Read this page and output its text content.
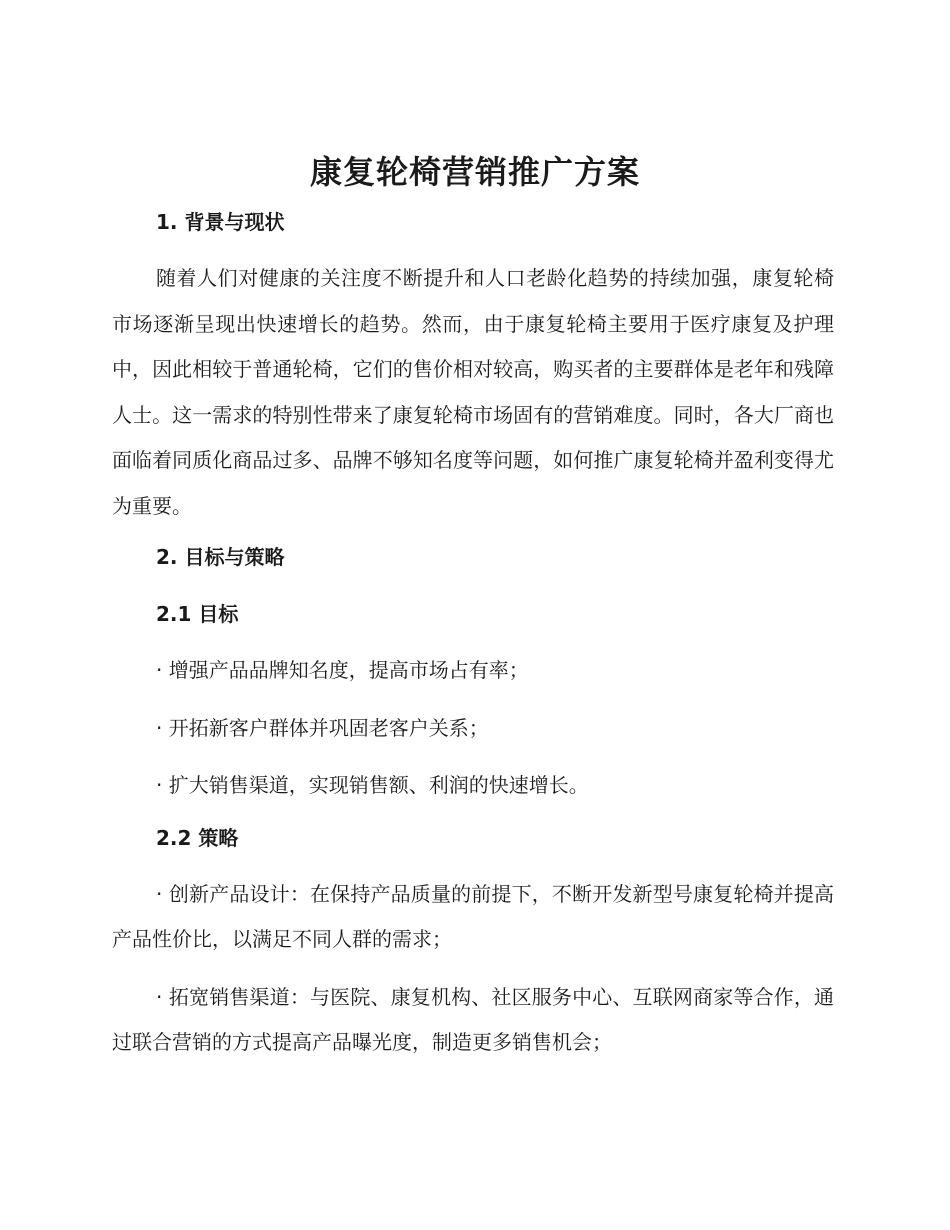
康复轮椅营销推广方案

1. 背景与现状

随着人们对健康的关注度不断提升和人口老龄化趋势的持续加强，康复轮椅市场逐渐呈现出快速增长的趋势。然而，由于康复轮椅主要用于医疗康复及护理中，因此相较于普通轮椅，它们的售价相对较高，购买者的主要群体是老年和残障人士。这一需求的特别性带来了康复轮椅市场固有的营销难度。同时，各大厂商也面临着同质化商品过多、品牌不够知名度等问题，如何推广康复轮椅并盈利变得尤为重要。

2. 目标与策略

2.1 目标

· 增强产品品牌知名度，提高市场占有率；

· 开拓新客户群体并巩固老客户关系；

· 扩大销售渠道，实现销售额、利润的快速增长。

2.2 策略

· 创新产品设计：在保持产品质量的前提下，不断开发新型号康复轮椅并提高产品性价比，以满足不同人群的需求；

· 拓宽销售渠道：与医院、康复机构、社区服务中心、互联网商家等合作，通过联合营销的方式提高产品曝光度，制造更多销售机会；
